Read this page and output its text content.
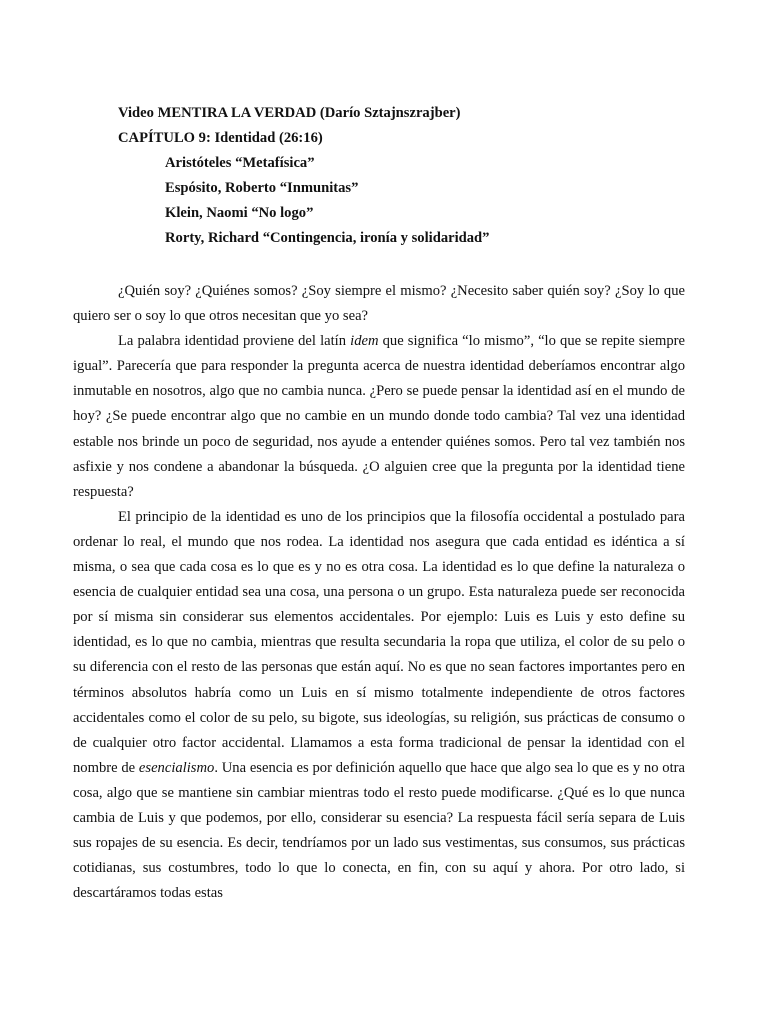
Video MENTIRA LA VERDAD (Darío Sztajnszrajber)
CAPÍTULO 9: Identidad (26:16)
Aristóteles “Metafísica”
Espósito, Roberto “Inmunitas”
Klein, Naomi “No logo”
Rorty, Richard “Contingencia, ironía y solidaridad”

¿Quién soy? ¿Quiénes somos? ¿Soy siempre el mismo? ¿Necesito saber quién soy? ¿Soy lo que quiero ser o soy lo que otros necesitan que yo sea?

La palabra identidad proviene del latín idem que significa “lo mismo”, “lo que se repite siempre igual”. Parecería que para responder la pregunta acerca de nuestra identidad deberíamos encontrar algo inmutable en nosotros, algo que no cambia nunca. ¿Pero se puede pensar la identidad así en el mundo de hoy? ¿Se puede encontrar algo que no cambie en un mundo donde todo cambia? Tal vez una identidad estable nos brinde un poco de seguridad, nos ayude a entender quiénes somos. Pero tal vez también nos asfixie y nos condene a abandonar la búsqueda. ¿O alguien cree que la pregunta por la identidad tiene respuesta?

El principio de la identidad es uno de los principios que la filosofía occidental a postulado para ordenar lo real, el mundo que nos rodea. La identidad nos asegura que cada entidad es idéntica a sí misma, o sea que cada cosa es lo que es y no es otra cosa. La identidad es lo que define la naturaleza o esencia de cualquier entidad sea una cosa, una persona o un grupo. Esta naturaleza puede ser reconocida por sí misma sin considerar sus elementos accidentales. Por ejemplo: Luis es Luis y esto define su identidad, es lo que no cambia, mientras que resulta secundaria la ropa que utiliza, el color de su pelo o su diferencia con el resto de las personas que están aquí. No es que no sean factores importantes pero en términos absolutos habría como un Luis en sí mismo totalmente independiente de otros factores accidentales como el color de su pelo, su bigote, sus ideologías, su religión, sus prácticas de consumo o de cualquier otro factor accidental. Llamamos a esta forma tradicional de pensar la identidad con el nombre de esencialismo. Una esencia es por definición aquello que hace que algo sea lo que es y no otra cosa, algo que se mantiene sin cambiar mientras todo el resto puede modificarse. ¿Qué es lo que nunca cambia de Luis y que podemos, por ello, considerar su esencia? La respuesta fácil sería separa de Luis sus ropajes de su esencia. Es decir, tendríamos por un lado sus vestimentas, sus consumos, sus prácticas cotidianas, sus costumbres, todo lo que lo conecta, en fin, con su aquí y ahora. Por otro lado, si descartáramos todas estas
